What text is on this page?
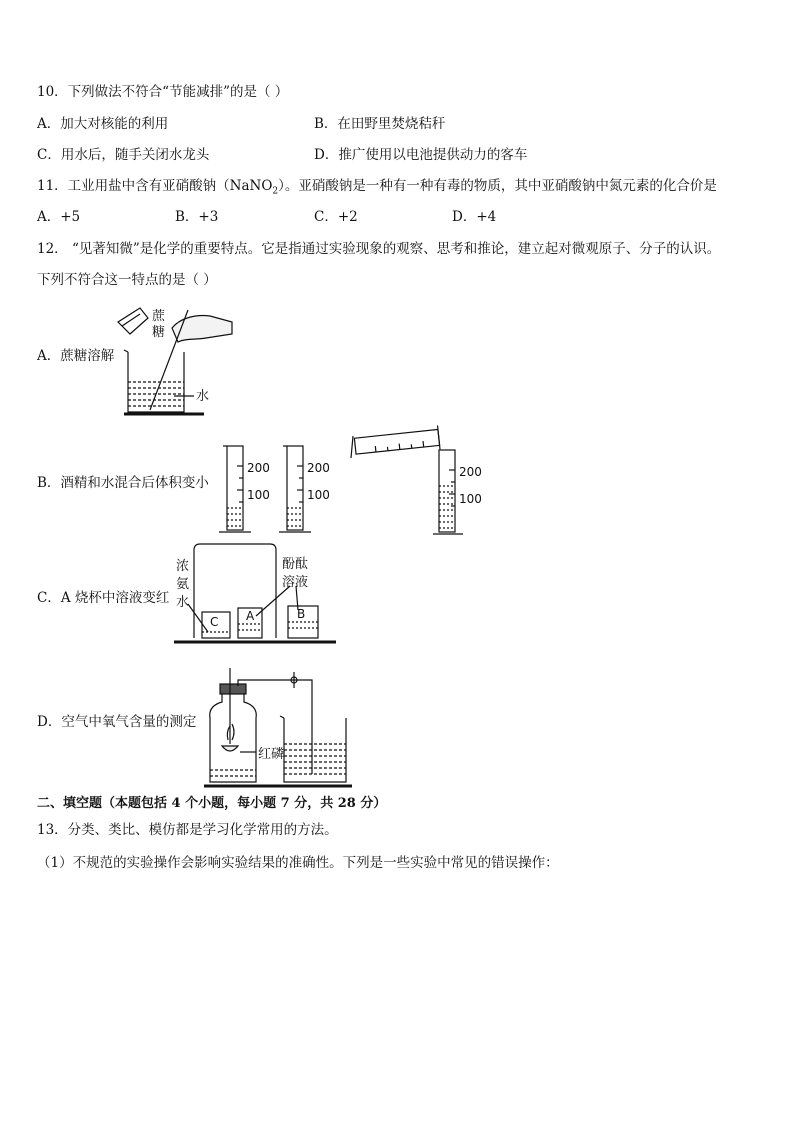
10．下列做法不符合“节能减排”的是（ ）
A．加大对核能的利用	B．在田野里焚烧秸秆
C．用水后，随手关闭水龙头	D．推广使用以电池提供动力的客车
11．工业用盐中含有亚硝酸钠（NaNO$_2$）。亚硝酸钠是一种有一种有毒的物质，其中亚硝酸钠中氮元素的化合价是
A．+5	B．+3	C．+2	D．+4
12． “见著知微”是化学的重要特点。它是指通过实验现象的观察、思考和推论，建立起对微观原子、分子的认识。
下列不符合这一特点的是（ ）
A．蔗糖溶解
蔗
糖
水
B．酒精和水混合后体积变小
200
100
200
100
200
100
C．A 烧杯中溶液变红
浓
氨
水
酚酞
溶液
C A	B
D．空气中氧气含量的测定
红磷
二、填空题（本题包括 4 个小题，每小题 7 分，共 28 分）
13．分类、类比、模仿都是学习化学常用的方法。
（1）不规范的实验操作会影响实验结果的准确性。下列是一些实验中常见的错误操作：
